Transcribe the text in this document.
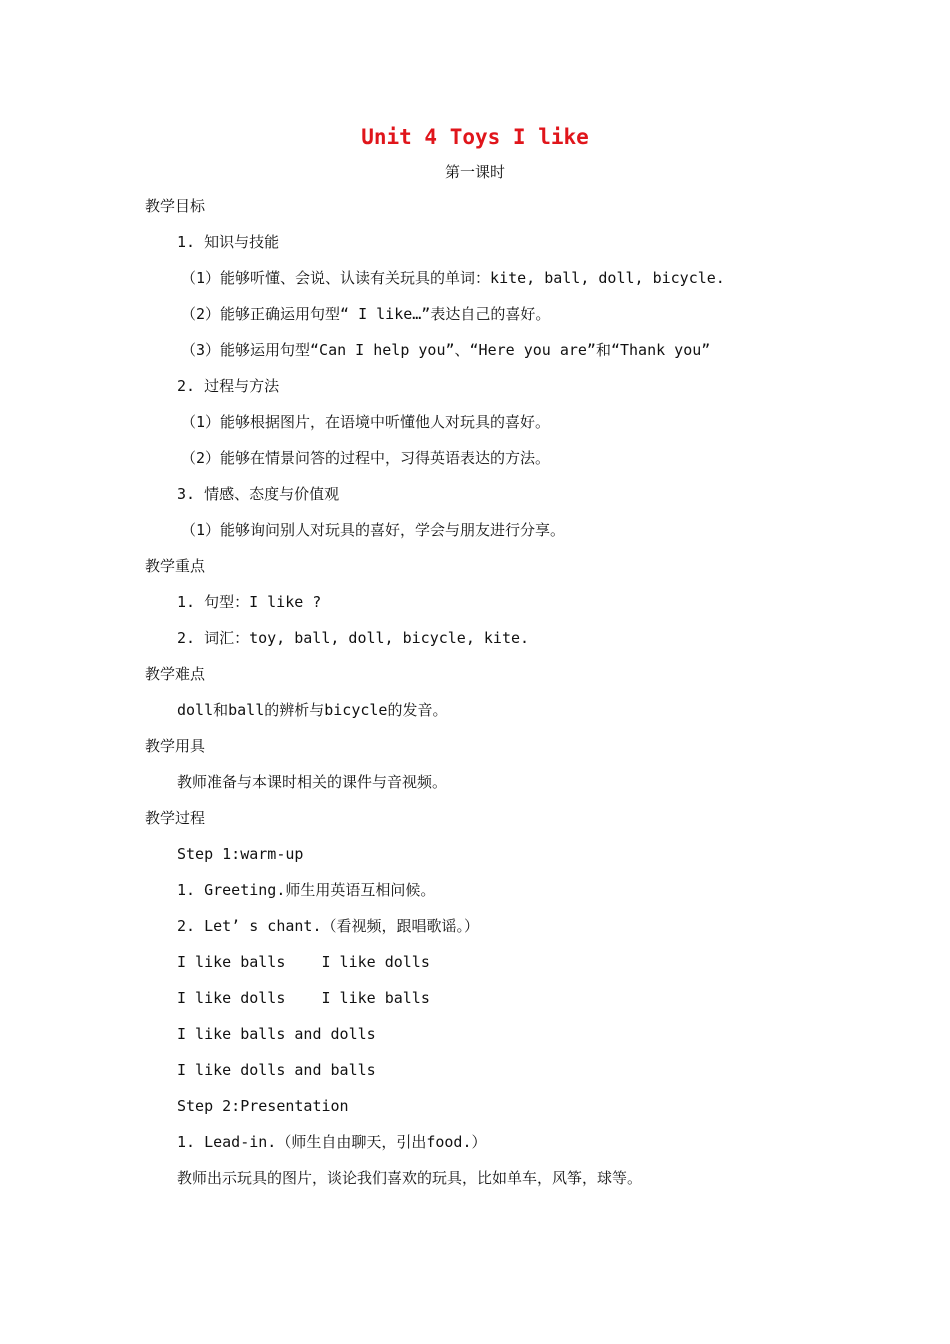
Unit 4 Toys I like
第一课时
教学目标
1. 知识与技能
（1）能够听懂、会说、认读有关玩具的单词：kite, ball, doll, bicycle.
（2）能够正确运用句型“ I like…”表达自己的喜好。
（3）能够运用句型“Can I help you”、“Here you are”和“Thank you”
2. 过程与方法
（1）能够根据图片，在语境中听懂他人对玩具的喜好。
（2）能够在情景问答的过程中，习得英语表达的方法。
3. 情感、态度与价值观
（1）能够询问别人对玩具的喜好，学会与朋友进行分享。
教学重点
1. 句型：I like ?
2. 词汇：toy, ball, doll, bicycle, kite.
教学难点
doll和ball的辨析与bicycle的发音。
教学用具
教师准备与本课时相关的课件与音视频。
教学过程
Step 1:warm-up
1. Greeting.师生用英语互相问候。
2. Let’ s chant.（看视频，跟唱歌谣。）
I like balls    I like dolls
I like dolls    I like balls
I like balls and dolls
I like dolls and balls
Step 2:Presentation
1. Lead-in.（师生自由聊天，引出food.）
教师出示玩具的图片，谈论我们喜欢的玩具，比如单车，风筝，球等。
